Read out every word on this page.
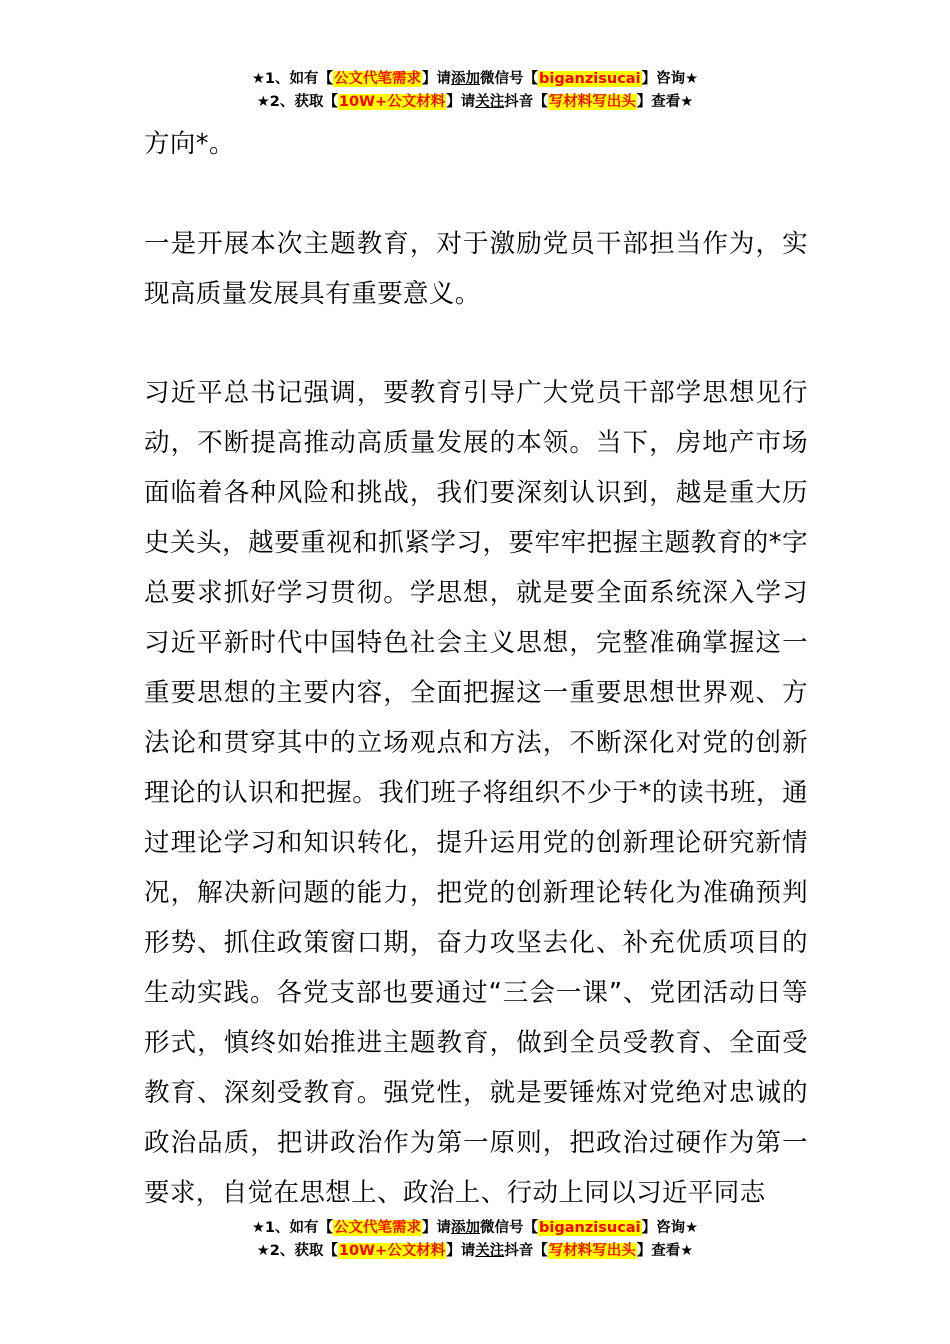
★1、如有【公文代笔需求】请添加微信号【biganzisucai】咨询★
★2、获取【10W+公文材料】请关注抖音【写材料写出头】查看★

方向*。

一是开展本次主题教育，对于激励党员干部担当作为，实现高质量发展具有重要意义。

习近平总书记强调，要教育引导广大党员干部学思想见行动，不断提高推动高质量发展的本领。当下，房地产市场面临着各种风险和挑战，我们要深刻认识到，越是重大历史关头，越要重视和抓紧学习，要牢牢把握主题教育的*字总要求抓好学习贯彻。学思想，就是要全面系统深入学习习近平新时代中国特色社会主义思想，完整准确掌握这一重要思想的主要内容，全面把握这一重要思想世界观、方法论和贯穿其中的立场观点和方法，不断深化对党的创新理论的认识和把握。我们班子将组织不少于*的读书班，通过理论学习和知识转化，提升运用党的创新理论研究新情况，解决新问题的能力，把党的创新理论转化为准确预判形势、抓住政策窗口期，奋力攻坚去化、补充优质项目的生动实践。各党支部也要通过“三会一课”、党团活动日等形式，慎终如始推进主题教育，做到全员受教育、全面受教育、深刻受教育。强党性，就是要锤炼对党绝对忠诚的政治品质，把讲政治作为第一原则，把政治过硬作为第一要求，自觉在思想上、政治上、行动上同以习近平同志

★1、如有【公文代笔需求】请添加微信号【biganzisucai】咨询★
★2、获取【10W+公文材料】请关注抖音【写材料写出头】查看★
